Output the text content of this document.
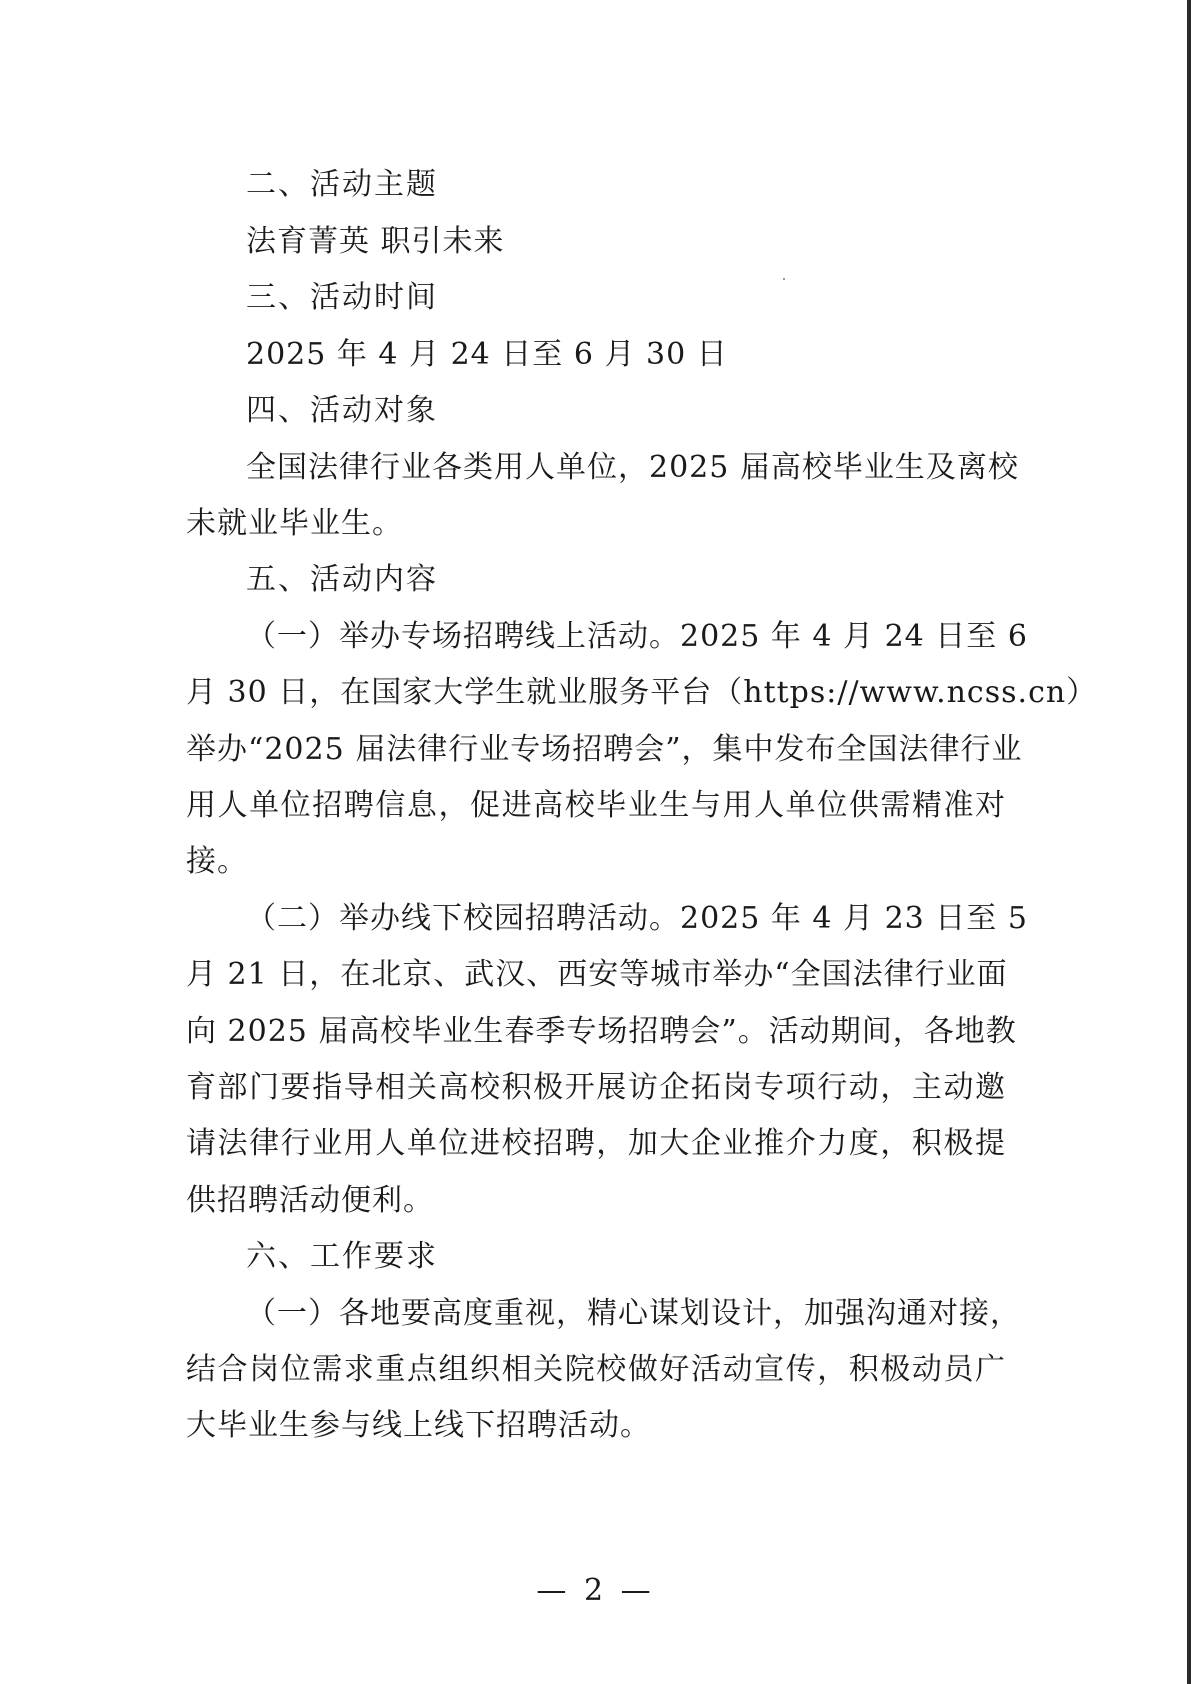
二、活动主题
法育菁英 职引未来
三、活动时间
2025 年 4 月 24 日至 6 月 30 日
四、活动对象
全国法律行业各类用人单位，2025 届高校毕业生及离校
未就业毕业生。
五、活动内容
（一）举办专场招聘线上活动。2025 年 4 月 24 日至 6
月 30 日，在国家大学生就业服务平台（https://www.ncss.cn）
举办“2025 届法律行业专场招聘会”，集中发布全国法律行业
用人单位招聘信息，促进高校毕业生与用人单位供需精准对
接。
（二）举办线下校园招聘活动。2025 年 4 月 23 日至 5
月 21 日，在北京、武汉、西安等城市举办“全国法律行业面
向 2025 届高校毕业生春季专场招聘会”。活动期间，各地教
育部门要指导相关高校积极开展访企拓岗专项行动，主动邀
请法律行业用人单位进校招聘，加大企业推介力度，积极提
供招聘活动便利。
六、工作要求
（一）各地要高度重视，精心谋划设计，加强沟通对接，
结合岗位需求重点组织相关院校做好活动宣传，积极动员广
大毕业生参与线上线下招聘活动。
— 2 —
